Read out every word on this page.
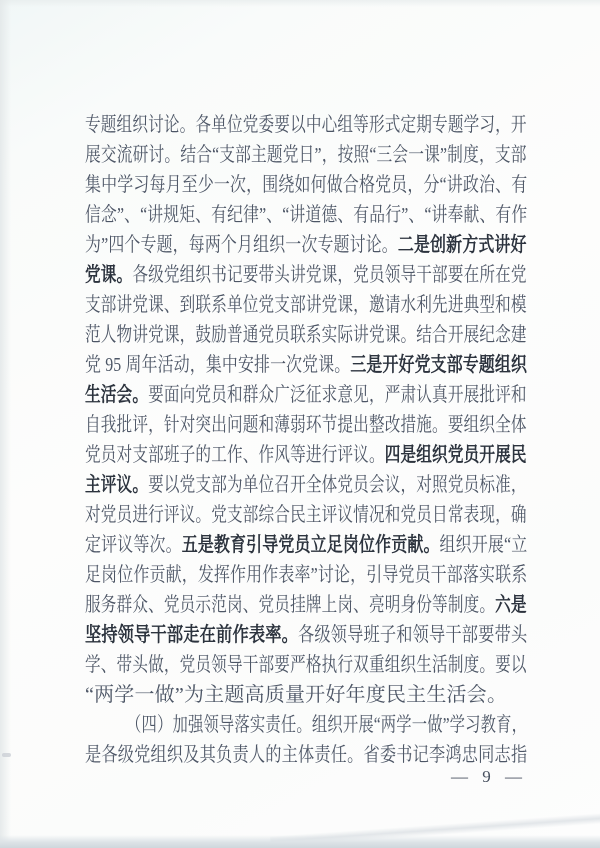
专题组织讨论。各单位党委要以中心组等形式定期专题学习，开
展交流研讨。结合“支部主题党日”，按照“三会一课”制度，支部
集中学习每月至少一次，围绕如何做合格党员，分“讲政治、有
信念”、“讲规矩、有纪律”、“讲道德、有品行”、“讲奉献、有作
为”四个专题，每两个月组织一次专题讨论。二是创新方式讲好
党课。各级党组织书记要带头讲党课，党员领导干部要在所在党
支部讲党课、到联系单位党支部讲党课，邀请水利先进典型和模
范人物讲党课，鼓励普通党员联系实际讲党课。结合开展纪念建
党 95 周年活动，集中安排一次党课。三是开好党支部专题组织
生活会。要面向党员和群众广泛征求意见，严肃认真开展批评和
自我批评，针对突出问题和薄弱环节提出整改措施。要组织全体
党员对支部班子的工作、作风等进行评议。四是组织党员开展民
主评议。要以党支部为单位召开全体党员会议，对照党员标准，
对党员进行评议。党支部综合民主评议情况和党员日常表现，确
定评议等次。五是教育引导党员立足岗位作贡献。组织开展“立
足岗位作贡献，发挥作用作表率”讨论，引导党员干部落实联系
服务群众、党员示范岗、党员挂牌上岗、亮明身份等制度。六是
坚持领导干部走在前作表率。各级领导班子和领导干部要带头
学、带头做，党员领导干部要严格执行双重组织生活制度。要以
“两学一做”为主题高质量开好年度民主生活会。
（四）加强领导落实责任。组织开展“两学一做”学习教育，
是各级党组织及其负责人的主体责任。省委书记李鸿忠同志指
— 9 —
